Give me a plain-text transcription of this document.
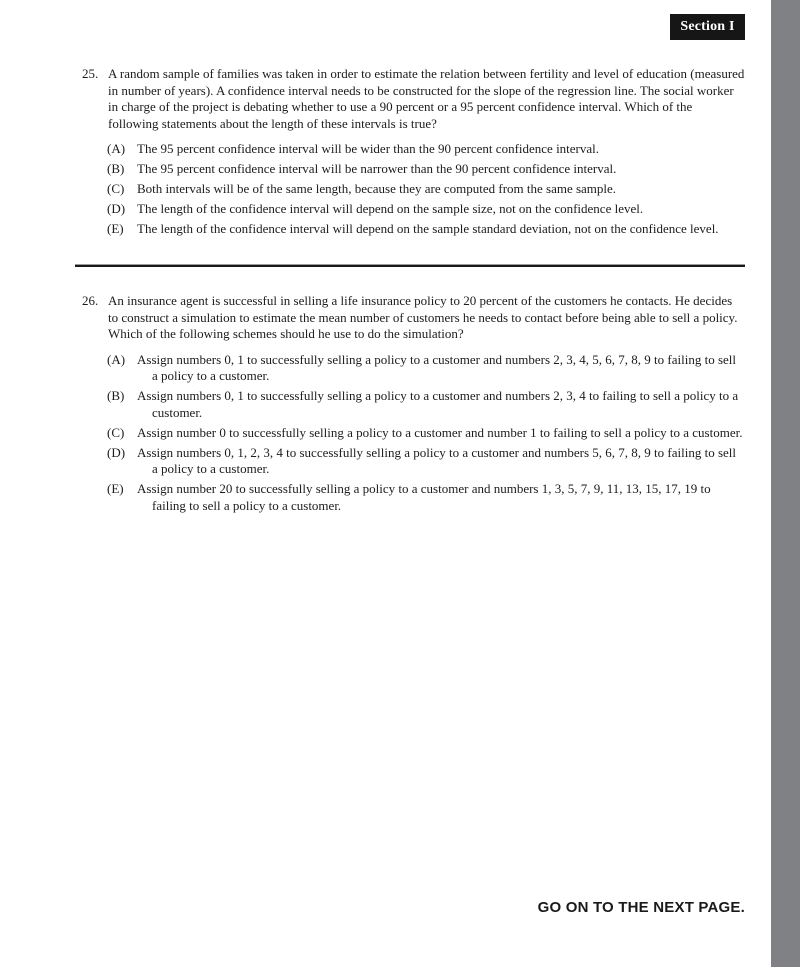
Section I
25. A random sample of families was taken in order to estimate the relation between fertility and level of education (measured in number of years). A confidence interval needs to be constructed for the slope of the regression line. The social worker in charge of the project is debating whether to use a 90 percent or a 95 percent confidence interval. Which of the following statements about the length of these intervals is true?

(A) The 95 percent confidence interval will be wider than the 90 percent confidence interval.
(B) The 95 percent confidence interval will be narrower than the 90 percent confidence interval.
(C) Both intervals will be of the same length, because they are computed from the same sample.
(D) The length of the confidence interval will depend on the sample size, not on the confidence level.
(E)	The length of the confidence interval will depend on the sample standard deviation, not on the confidence level.
26. An insurance agent is successful in selling a life insurance policy to 20 percent of the customers he contacts. He decides to construct a simulation to estimate the mean number of customers he needs to contact before being able to sell a policy. Which of the following schemes should he use to do the simulation?

(A) Assign numbers 0, 1 to successfully selling a policy to a customer and numbers 2, 3, 4, 5, 6, 7, 8, 9 to failing to sell a policy to a customer.
(B) Assign numbers 0, 1 to successfully selling a policy to a customer and numbers 2, 3, 4 to failing to sell a policy to a customer.
(C) Assign number 0 to successfully selling a policy to a customer and number 1 to failing to sell a policy to a customer.
(D) Assign numbers 0, 1, 2, 3, 4 to successfully selling a policy to a customer and numbers 5, 6, 7, 8, 9 to failing to sell a policy to a customer.
(E)	Assign number 20 to successfully selling a policy to a customer and numbers 1, 3, 5, 7, 9, 11, 13, 15, 17, 19 to failing to sell a policy to a customer.
GO ON TO THE NEXT PAGE.
